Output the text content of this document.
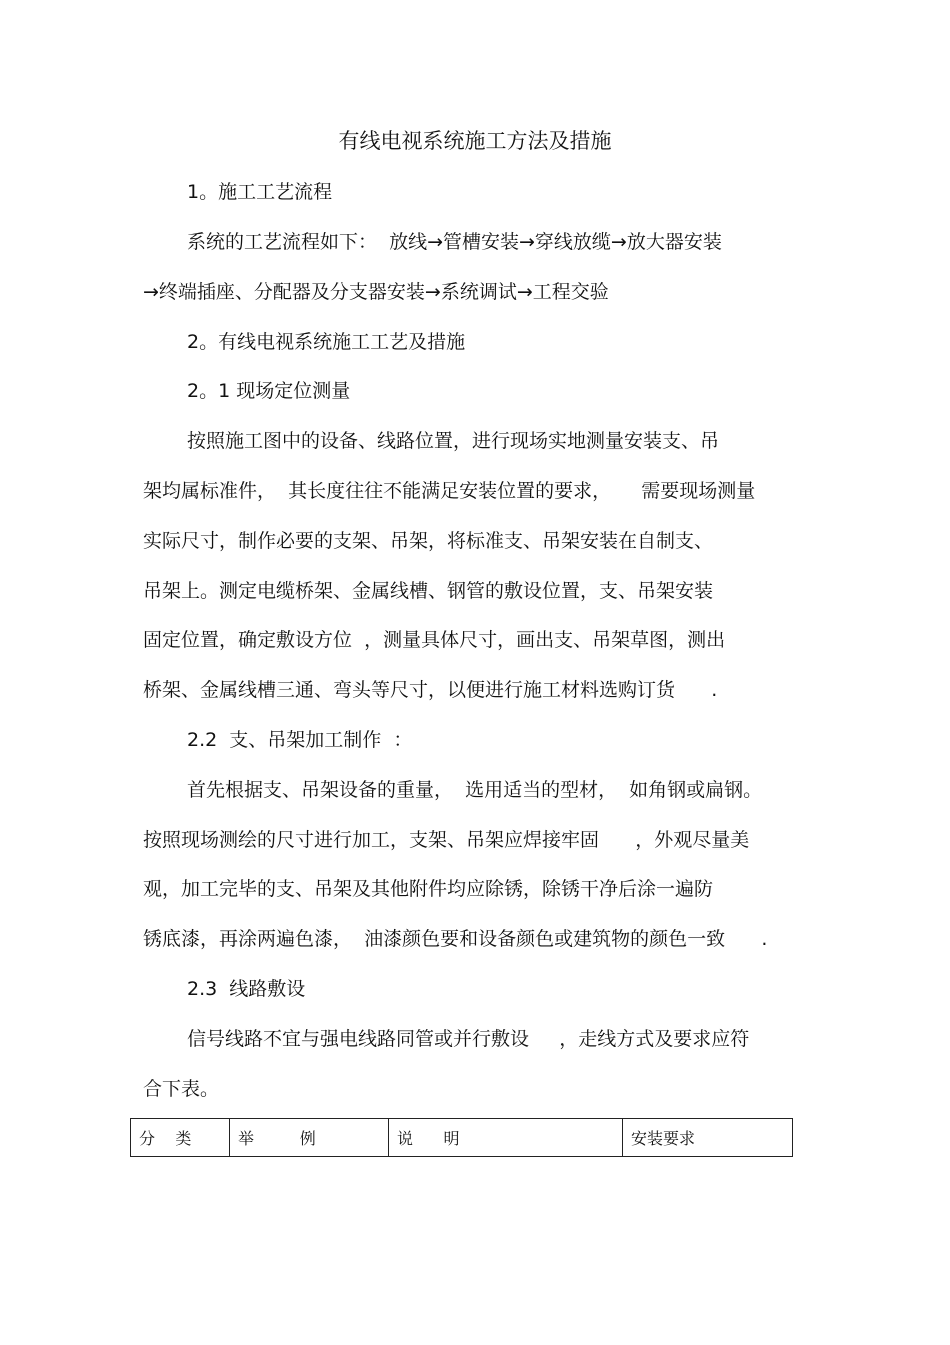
有线电视系统施工方法及措施
1。施工工艺流程
系统的工艺流程如下：  放线→管槽安装→穿线放缆→放大器安装
→终端插座、分配器及分支器安装→系统调试→工程交验
2。有线电视系统施工工艺及措施
2。1 现场定位测量
按照施工图中的设备、线路位置，进行现场实地测量安装支、吊
架均属标准件，  其长度往往不能满足安装位置的要求，     需要现场测量
实际尺寸，制作必要的支架、吊架，将标准支、吊架安装在自制支、
吊架上。测定电缆桥架、金属线槽、钢管的敷设位置，支、吊架安装
固定位置，确定敷设方位  ，测量具体尺寸，画出支、吊架草图，测出
桥架、金属线槽三通、弯头等尺寸，以便进行施工材料选购订货      .
2.2  支、吊架加工制作  ：
首先根据支、吊架设备的重量，  选用适当的型材，  如角钢或扁钢。
按照现场测绘的尺寸进行加工，支架、吊架应焊接牢固      ，外观尽量美
观，加工完毕的支、吊架及其他附件均应除锈，除锈干净后涂一遍防
锈底漆，再涂两遍色漆，  油漆颜色要和设备颜色或建筑物的颜色一致      .
2.3  线路敷设
信号线路不宜与强电线路同管或并行敷设     ，走线方式及要求应符
合下表。
分    类	举         例	说      明	安装要求
